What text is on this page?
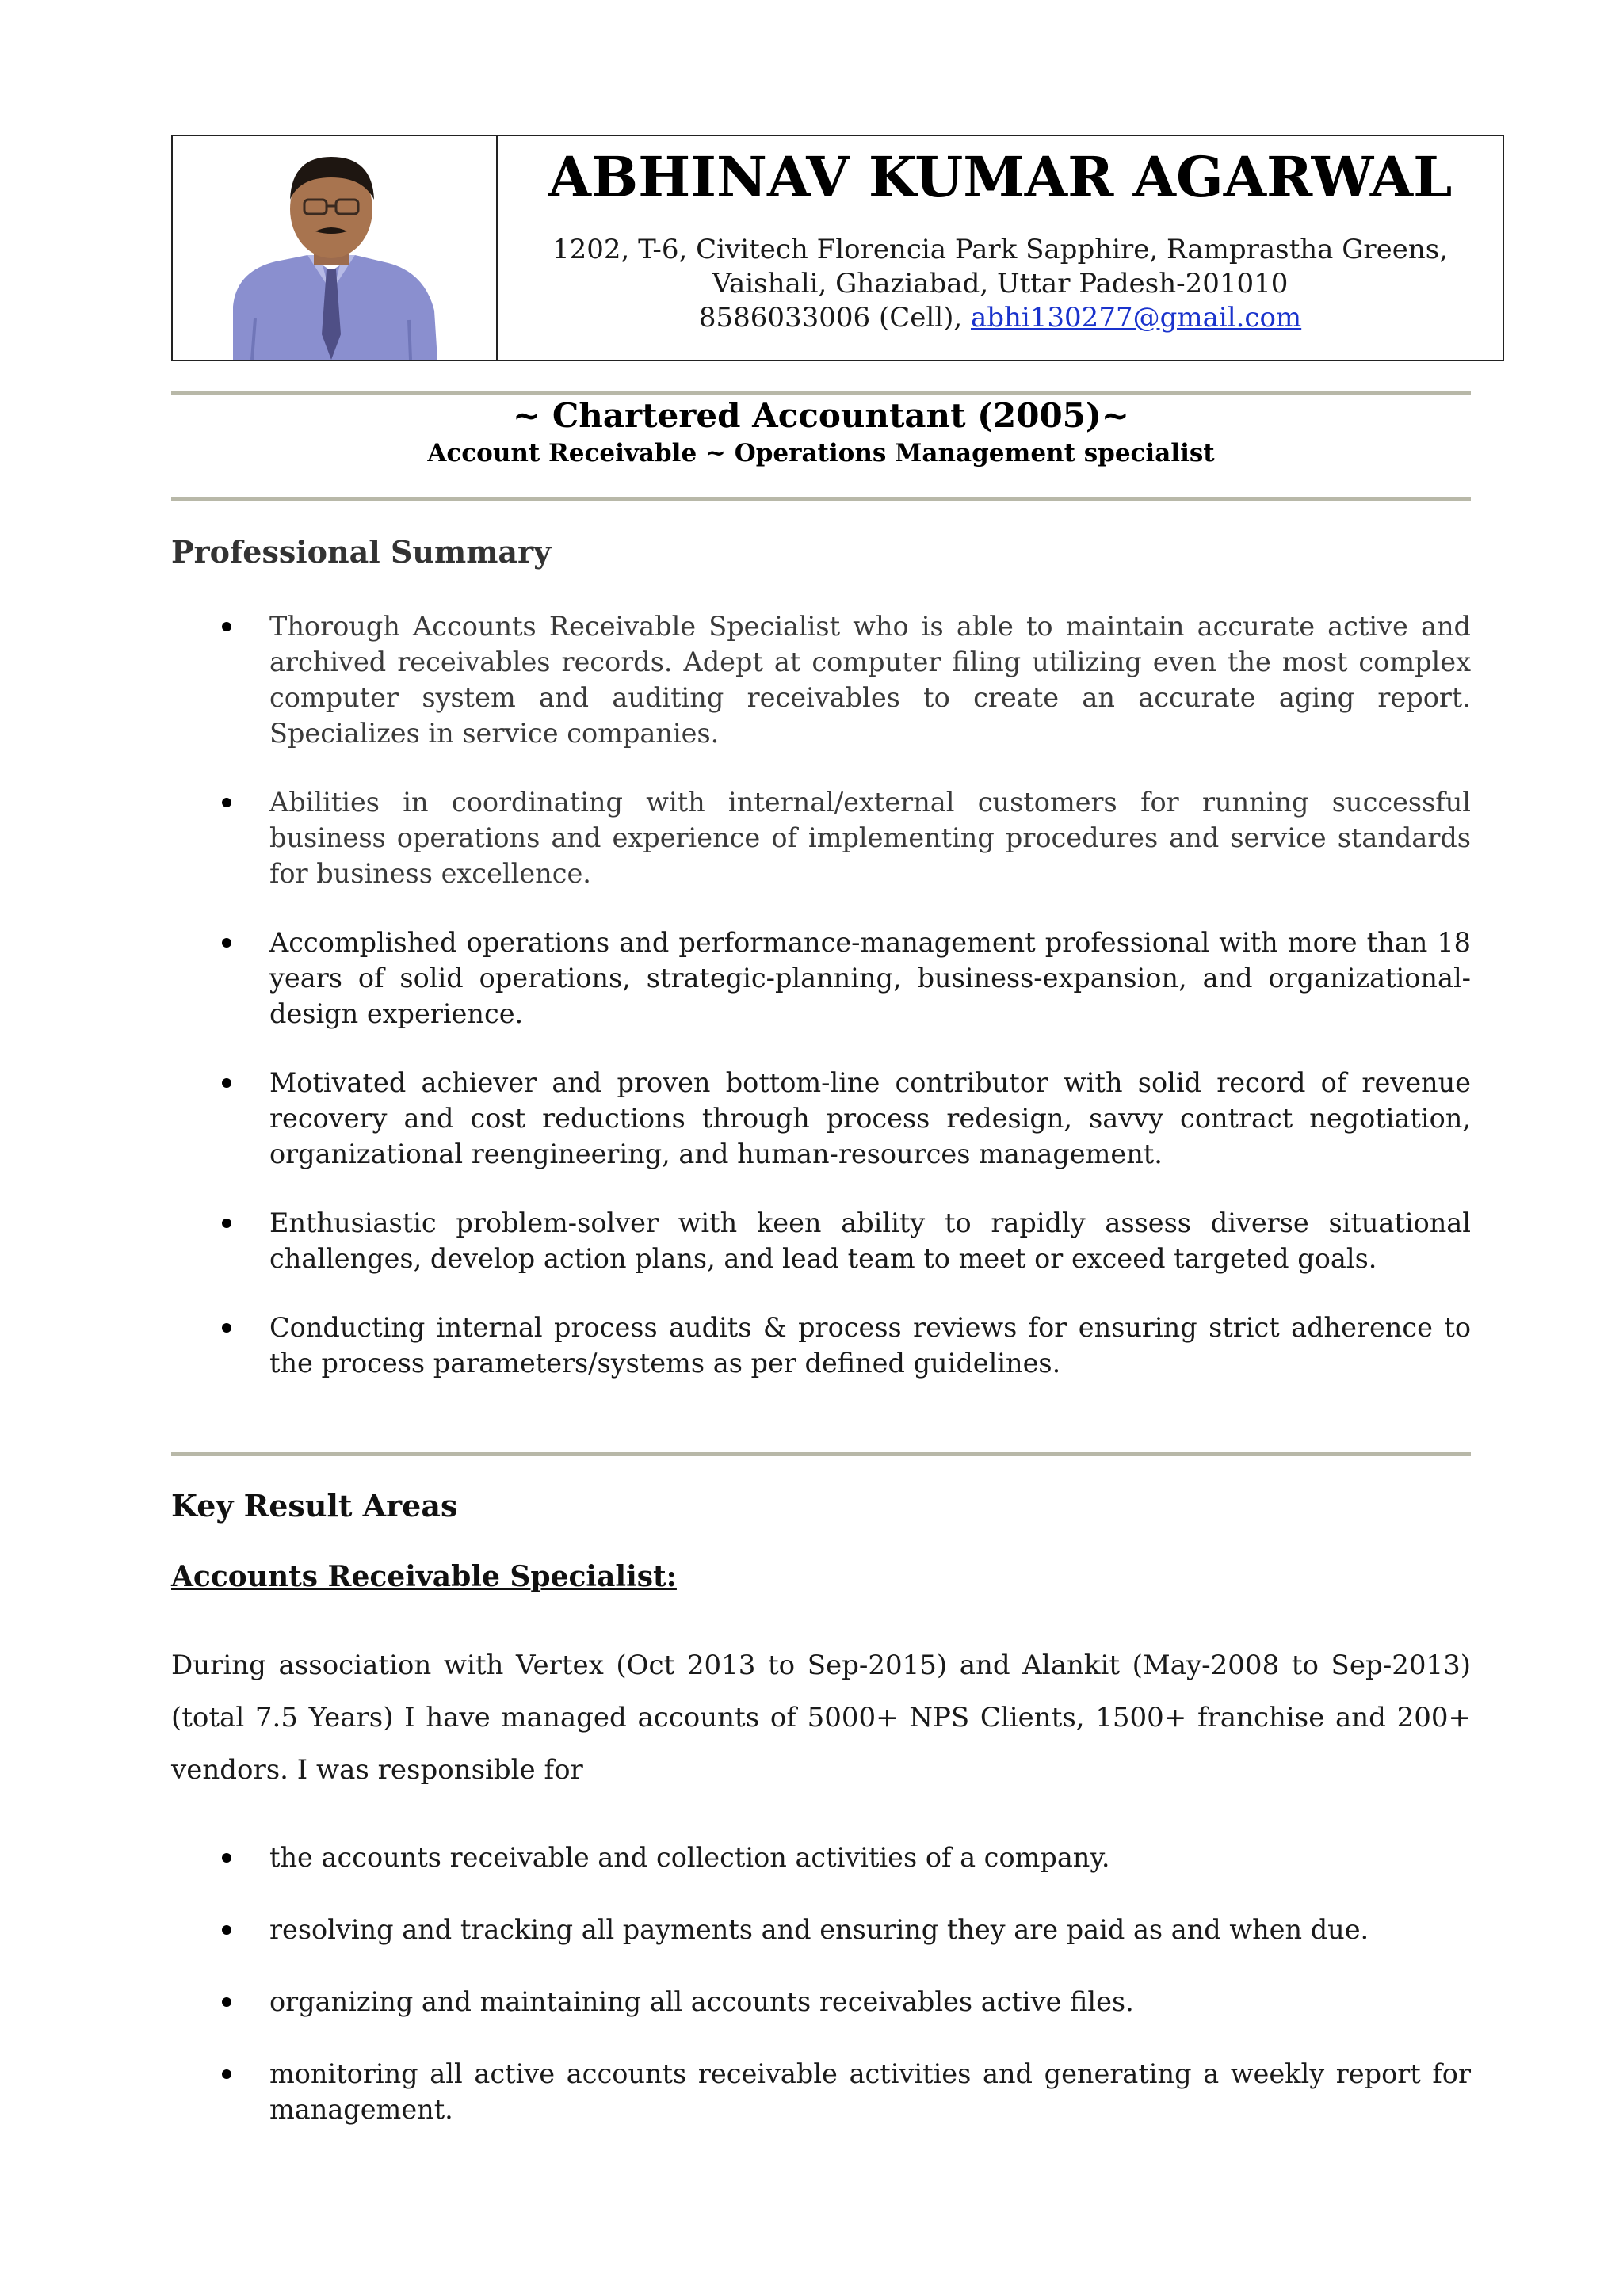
ABHINAV KUMAR AGARWAL
1202, T-6, Civitech Florencia Park Sapphire, Ramprastha Greens,
Vaishali, Ghaziabad, Uttar Padesh-201010
8586033006 (Cell), abhi130277@gmail.com
~ Chartered Accountant (2005)~
Account Receivable ~ Operations Management specialist
Professional Summary
Thorough Accounts Receivable Specialist who is able to maintain accurate active and archived receivables records. Adept at computer filing utilizing even the most complex computer system and auditing receivables to create an accurate aging report. Specializes in service companies.
Abilities in coordinating with internal/external customers for running successful business operations and experience of implementing procedures and service standards for business excellence.
Accomplished operations and performance-management professional with more than 18 years of solid operations, strategic-planning, business-expansion, and organizational-design experience.
Motivated achiever and proven bottom-line contributor with solid record of revenue recovery and cost reductions through process redesign, savvy contract negotiation, organizational reengineering, and human-resources management.
Enthusiastic problem-solver with keen ability to rapidly assess diverse situational challenges, develop action plans, and lead team to meet or exceed targeted goals.
Conducting internal process audits & process reviews for ensuring strict adherence to the process parameters/systems as per defined guidelines.
Key Result Areas
Accounts Receivable Specialist:
During association with Vertex (Oct 2013 to Sep-2015) and Alankit (May-2008 to Sep-2013) (total 7.5 Years) I have managed accounts of 5000+ NPS Clients, 1500+ franchise and 200+ vendors. I was responsible for
the accounts receivable and collection activities of a company.
resolving and tracking all payments and ensuring they are paid as and when due.
organizing and maintaining all accounts receivables active files.
monitoring all active accounts receivable activities and generating a weekly report for management.
